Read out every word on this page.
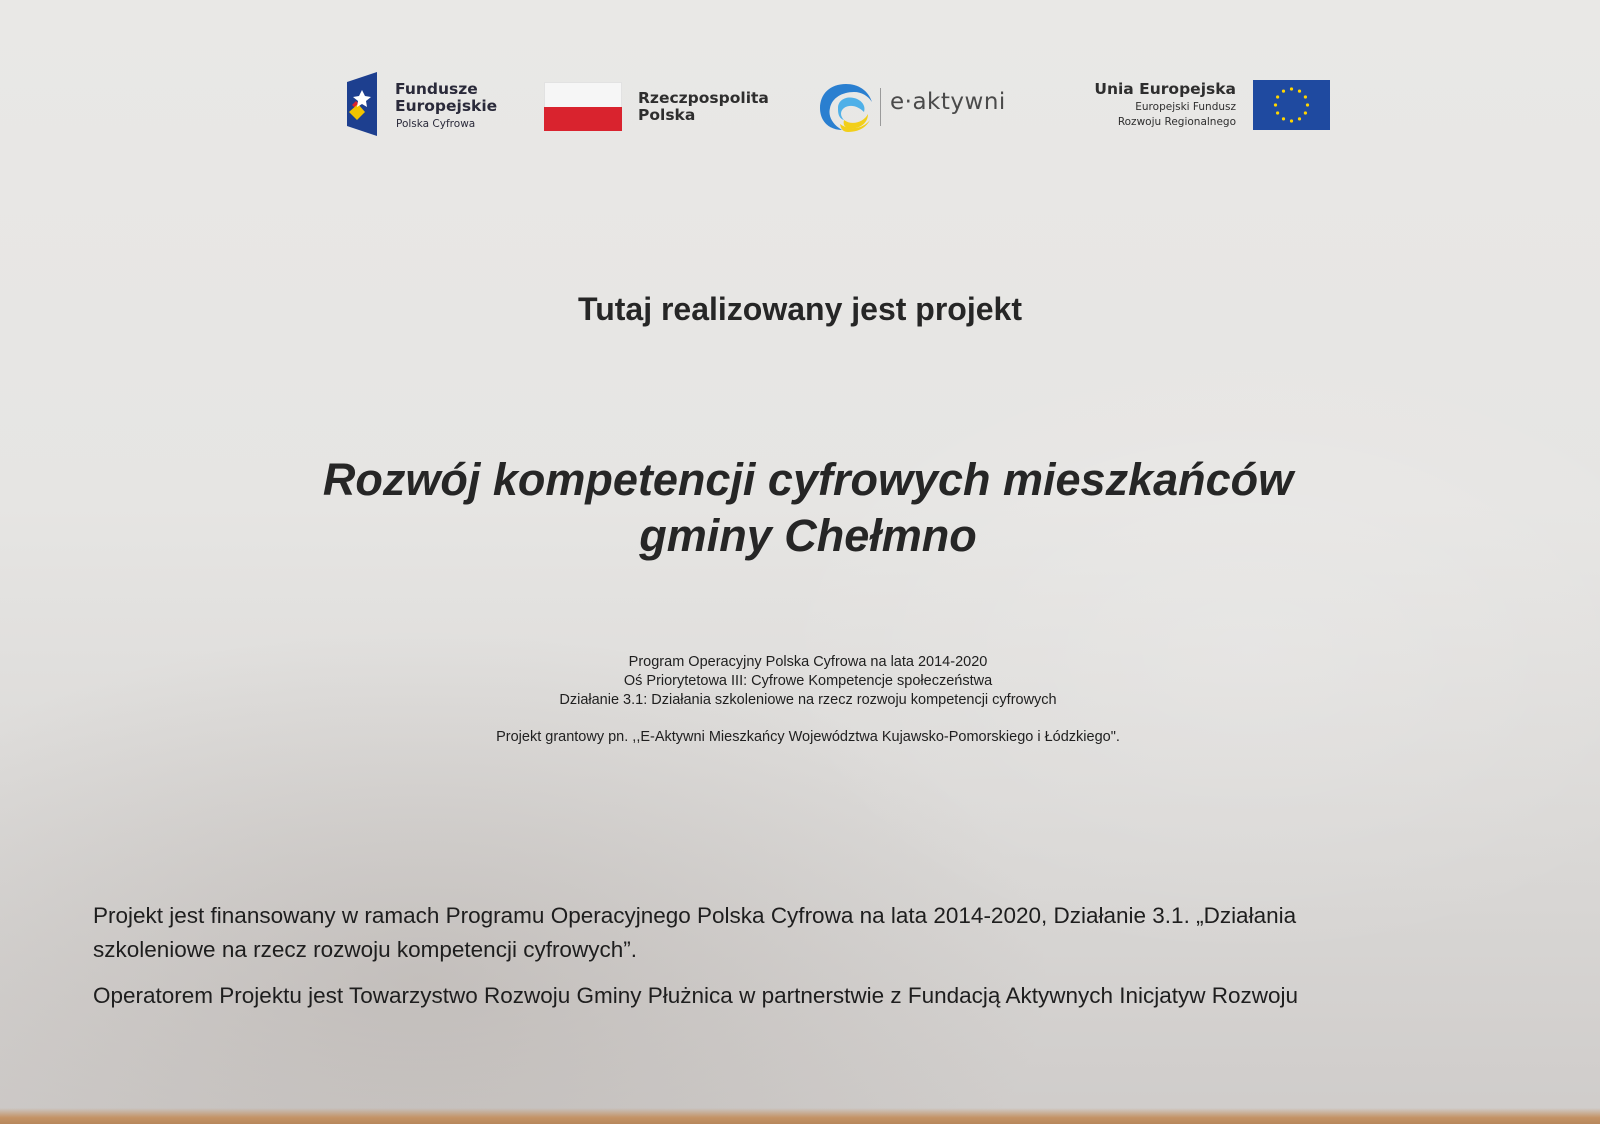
Fundusze
Europejskie
Polska Cyfrowa
Rzeczpospolita
Polska	e·aktywni	Unia Europejska
Europejski Fundusz
Rozwoju Regionalnego
Tutaj realizowany jest projekt
Rozwój kompetencji cyfrowych mieszkańców
gminy Chełmno
Program Operacyjny Polska Cyfrowa na lata 2014-2020
Oś Priorytetowa III: Cyfrowe Kompetencje społeczeństwa
Działanie 3.1: Działania szkoleniowe na rzecz rozwoju kompetencji cyfrowych
Projekt grantowy pn. ,,E-Aktywni Mieszkańcy Województwa Kujawsko-Pomorskiego i Łódzkiego".

Projekt jest finansowany w ramach Programu Operacyjnego Polska Cyfrowa na lata 2014-2020, Działanie 3.1. „Działania
szkoleniowe na rzecz rozwoju kompetencji cyfrowych”.

Operatorem Projektu jest Towarzystwo Rozwoju Gminy Płużnica w partnerstwie z Fundacją Aktywnych Inicjatyw Rozwoju
